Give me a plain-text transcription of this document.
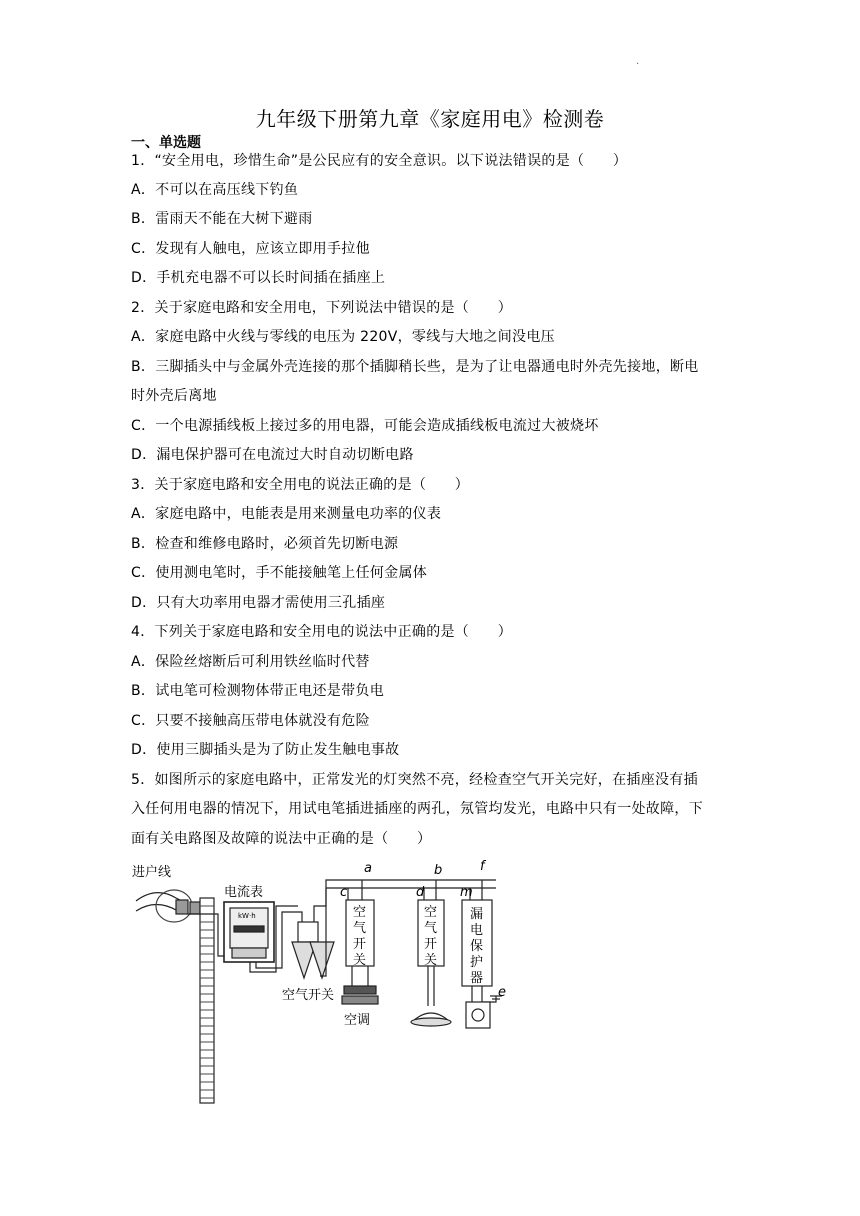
.
九年级下册第九章《家庭用电》检测卷
一、单选题
1．“安全用电，珍惜生命”是公民应有的安全意识。以下说法错误的是（　　）
A．不可以在高压线下钓鱼
B．雷雨天不能在大树下避雨
C．发现有人触电，应该立即用手拉他
D．手机充电器不可以长时间插在插座上
2．关于家庭电路和安全用电，下列说法中错误的是（　　）
A．家庭电路中火线与零线的电压为 220V，零线与大地之间没电压
B．三脚插头中与金属外壳连接的那个插脚稍长些，是为了让电器通电时外壳先接地，断电
时外壳后离地
C．一个电源插线板上接过多的用电器，可能会造成插线板电流过大被烧坏
D．漏电保护器可在电流过大时自动切断电路
3．关于家庭电路和安全用电的说法正确的是（　　）
A．家庭电路中，电能表是用来测量电功率的仪表
B．检查和维修电路时，必须首先切断电源
C．使用测电笔时，手不能接触笔上任何金属体
D．只有大功率用电器才需使用三孔插座
4．下列关于家庭电路和安全用电的说法中正确的是（　　）
A．保险丝熔断后可利用铁丝临时代替
B．试电笔可检测物体带正电还是带负电
C．只要不接触高压带电体就没有危险
D．使用三脚插头是为了防止发生触电事故
5．如图所示的家庭电路中，正常发光的灯突然不亮，经检查空气开关完好，在插座没有插
入任何用电器的情况下，用试电笔插进插座的两孔，氖管均发光，电路中只有一处故障，下
面有关电路图及故障的说法中正确的是（　　）
进户线
电流表
kW·h
空气开关
空调
空
气
开
关
空
气
开
关
漏
电
保
护
器
a	b	f
c	d	m
e
